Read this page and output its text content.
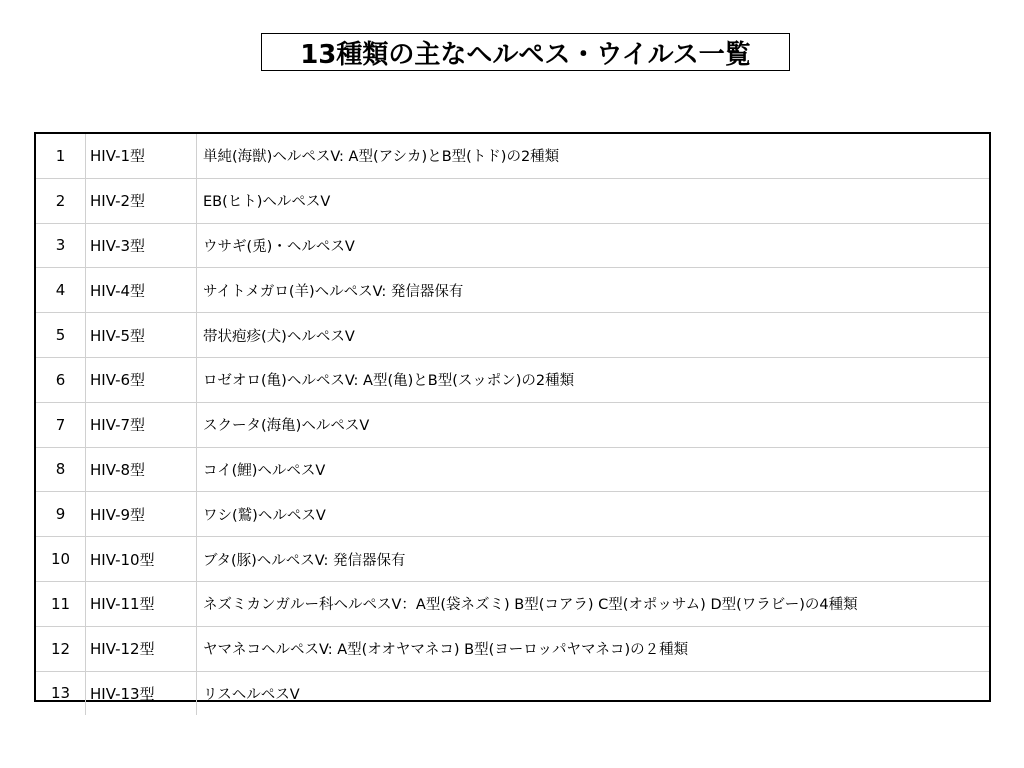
13種類の主なヘルペス・ウイルス一覧
1	HIV-1型	単純(海獣)ヘルペスV: A型(アシカ)とB型(トド)の2種類
2	HIV-2型	EB(ヒト)ヘルペスV
3	HIV-3型	ウサギ(兎)・ヘルペスV
4	HIV-4型	サイトメガロ(羊)ヘルペスV: 発信器保有
5	HIV-5型	帯状疱疹(犬)ヘルペスV
6	HIV-6型	ロゼオロ(亀)ヘルペスV: A型(亀)とB型(スッポン)の2種類
7	HIV-7型	スクータ(海亀)ヘルペスV
8	HIV-8型	コイ(鯉)ヘルペスV
9	HIV-9型	ワシ(鷲)ヘルペスV
10	HIV-10型	ブタ(豚)ヘルペスV: 発信器保有
11	HIV-11型	ネズミカンガルー科ヘルペスV：A型(袋ネズミ) B型(コアラ) C型(オポッサム) D型(ワラビー)の4種類
12	HIV-12型	ヤマネコヘルペスV: A型(オオヤマネコ) B型(ヨーロッパヤマネコ)の２種類
13	HIV-13型	リスヘルペスV
